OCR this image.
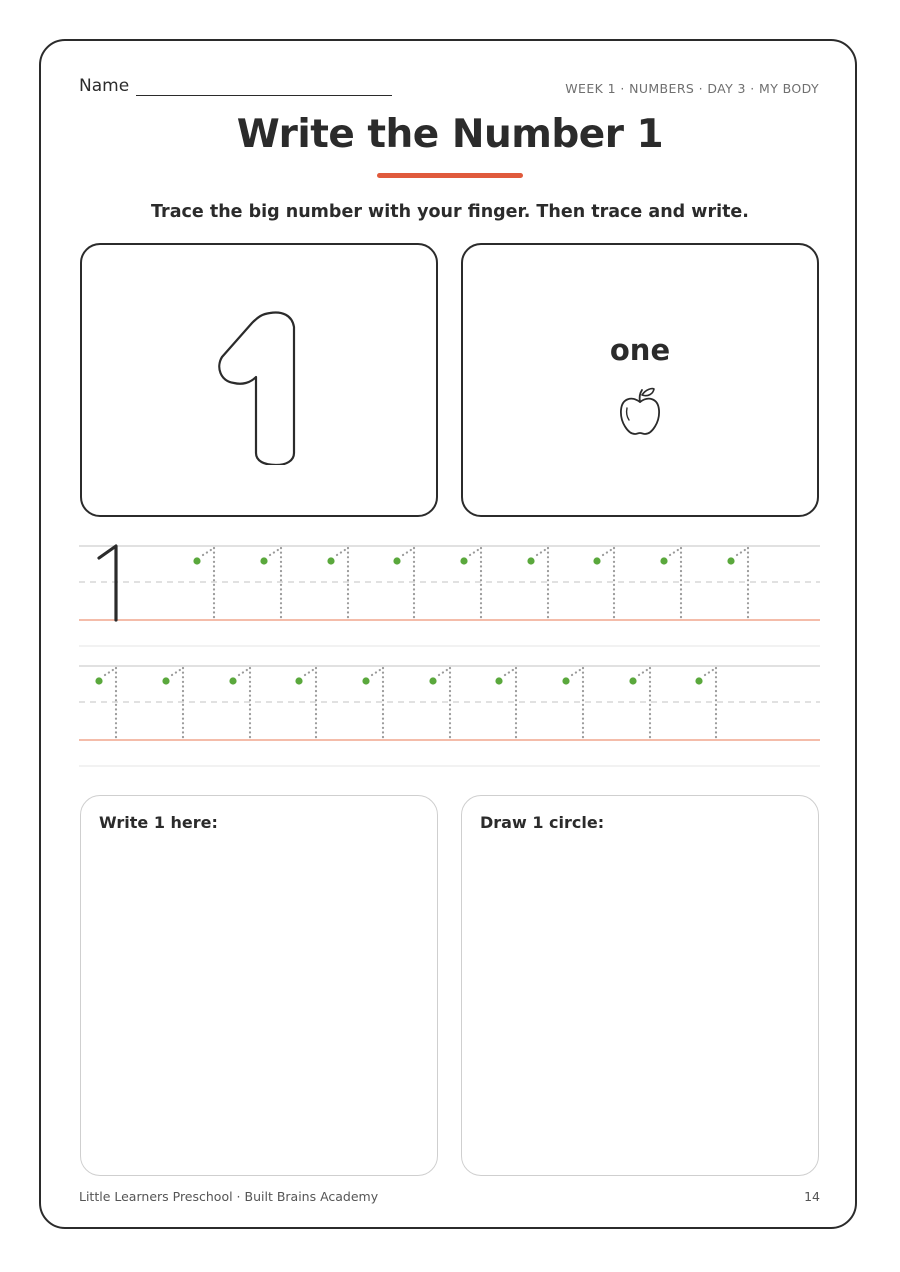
Name	WEEK 1 · NUMBERS · DAY 3 · MY BODY
Write the Number 1
Trace the big number with your finger. Then trace and write.
one
Write 1 here:	Draw 1 circle:
Little Learners Preschool · Built Brains Academy	14
